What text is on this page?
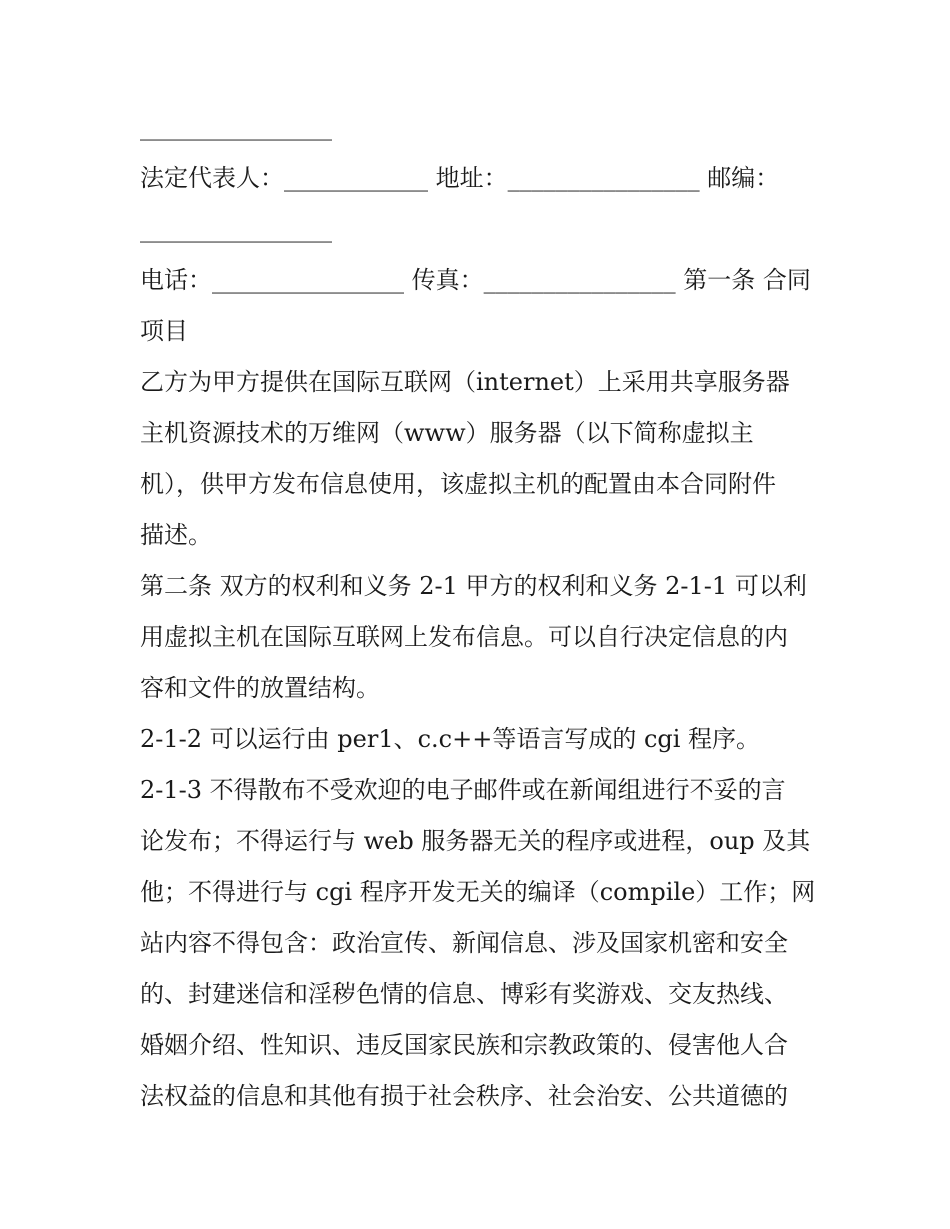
________________
法定代表人：____________ 地址：________________ 邮编：
________________
电话：________________ 传真：________________ 第一条 合同
项目
乙方为甲方提供在国际互联网（internet）上采用共享服务器
主机资源技术的万维网（www）服务器（以下简称虚拟主
机），供甲方发布信息使用，该虚拟主机的配置由本合同附件
描述。
第二条 双方的权利和义务 2-1 甲方的权利和义务 2-1-1 可以利
用虚拟主机在国际互联网上发布信息。可以自行决定信息的内
容和文件的放置结构。
2-1-2 可以运行由 per1、c.c++等语言写成的 cgi 程序。
2-1-3 不得散布不受欢迎的电子邮件或在新闻组进行不妥的言
论发布；不得运行与 web 服务器无关的程序或进程，oup 及其
他；不得进行与 cgi 程序开发无关的编译（compile）工作；网
站内容不得包含：政治宣传、新闻信息、涉及国家机密和安全
的、封建迷信和淫秽色情的信息、博彩有奖游戏、交友热线、
婚姻介绍、性知识、违反国家民族和宗教政策的、侵害他人合
法权益的信息和其他有损于社会秩序、社会治安、公共道德的
